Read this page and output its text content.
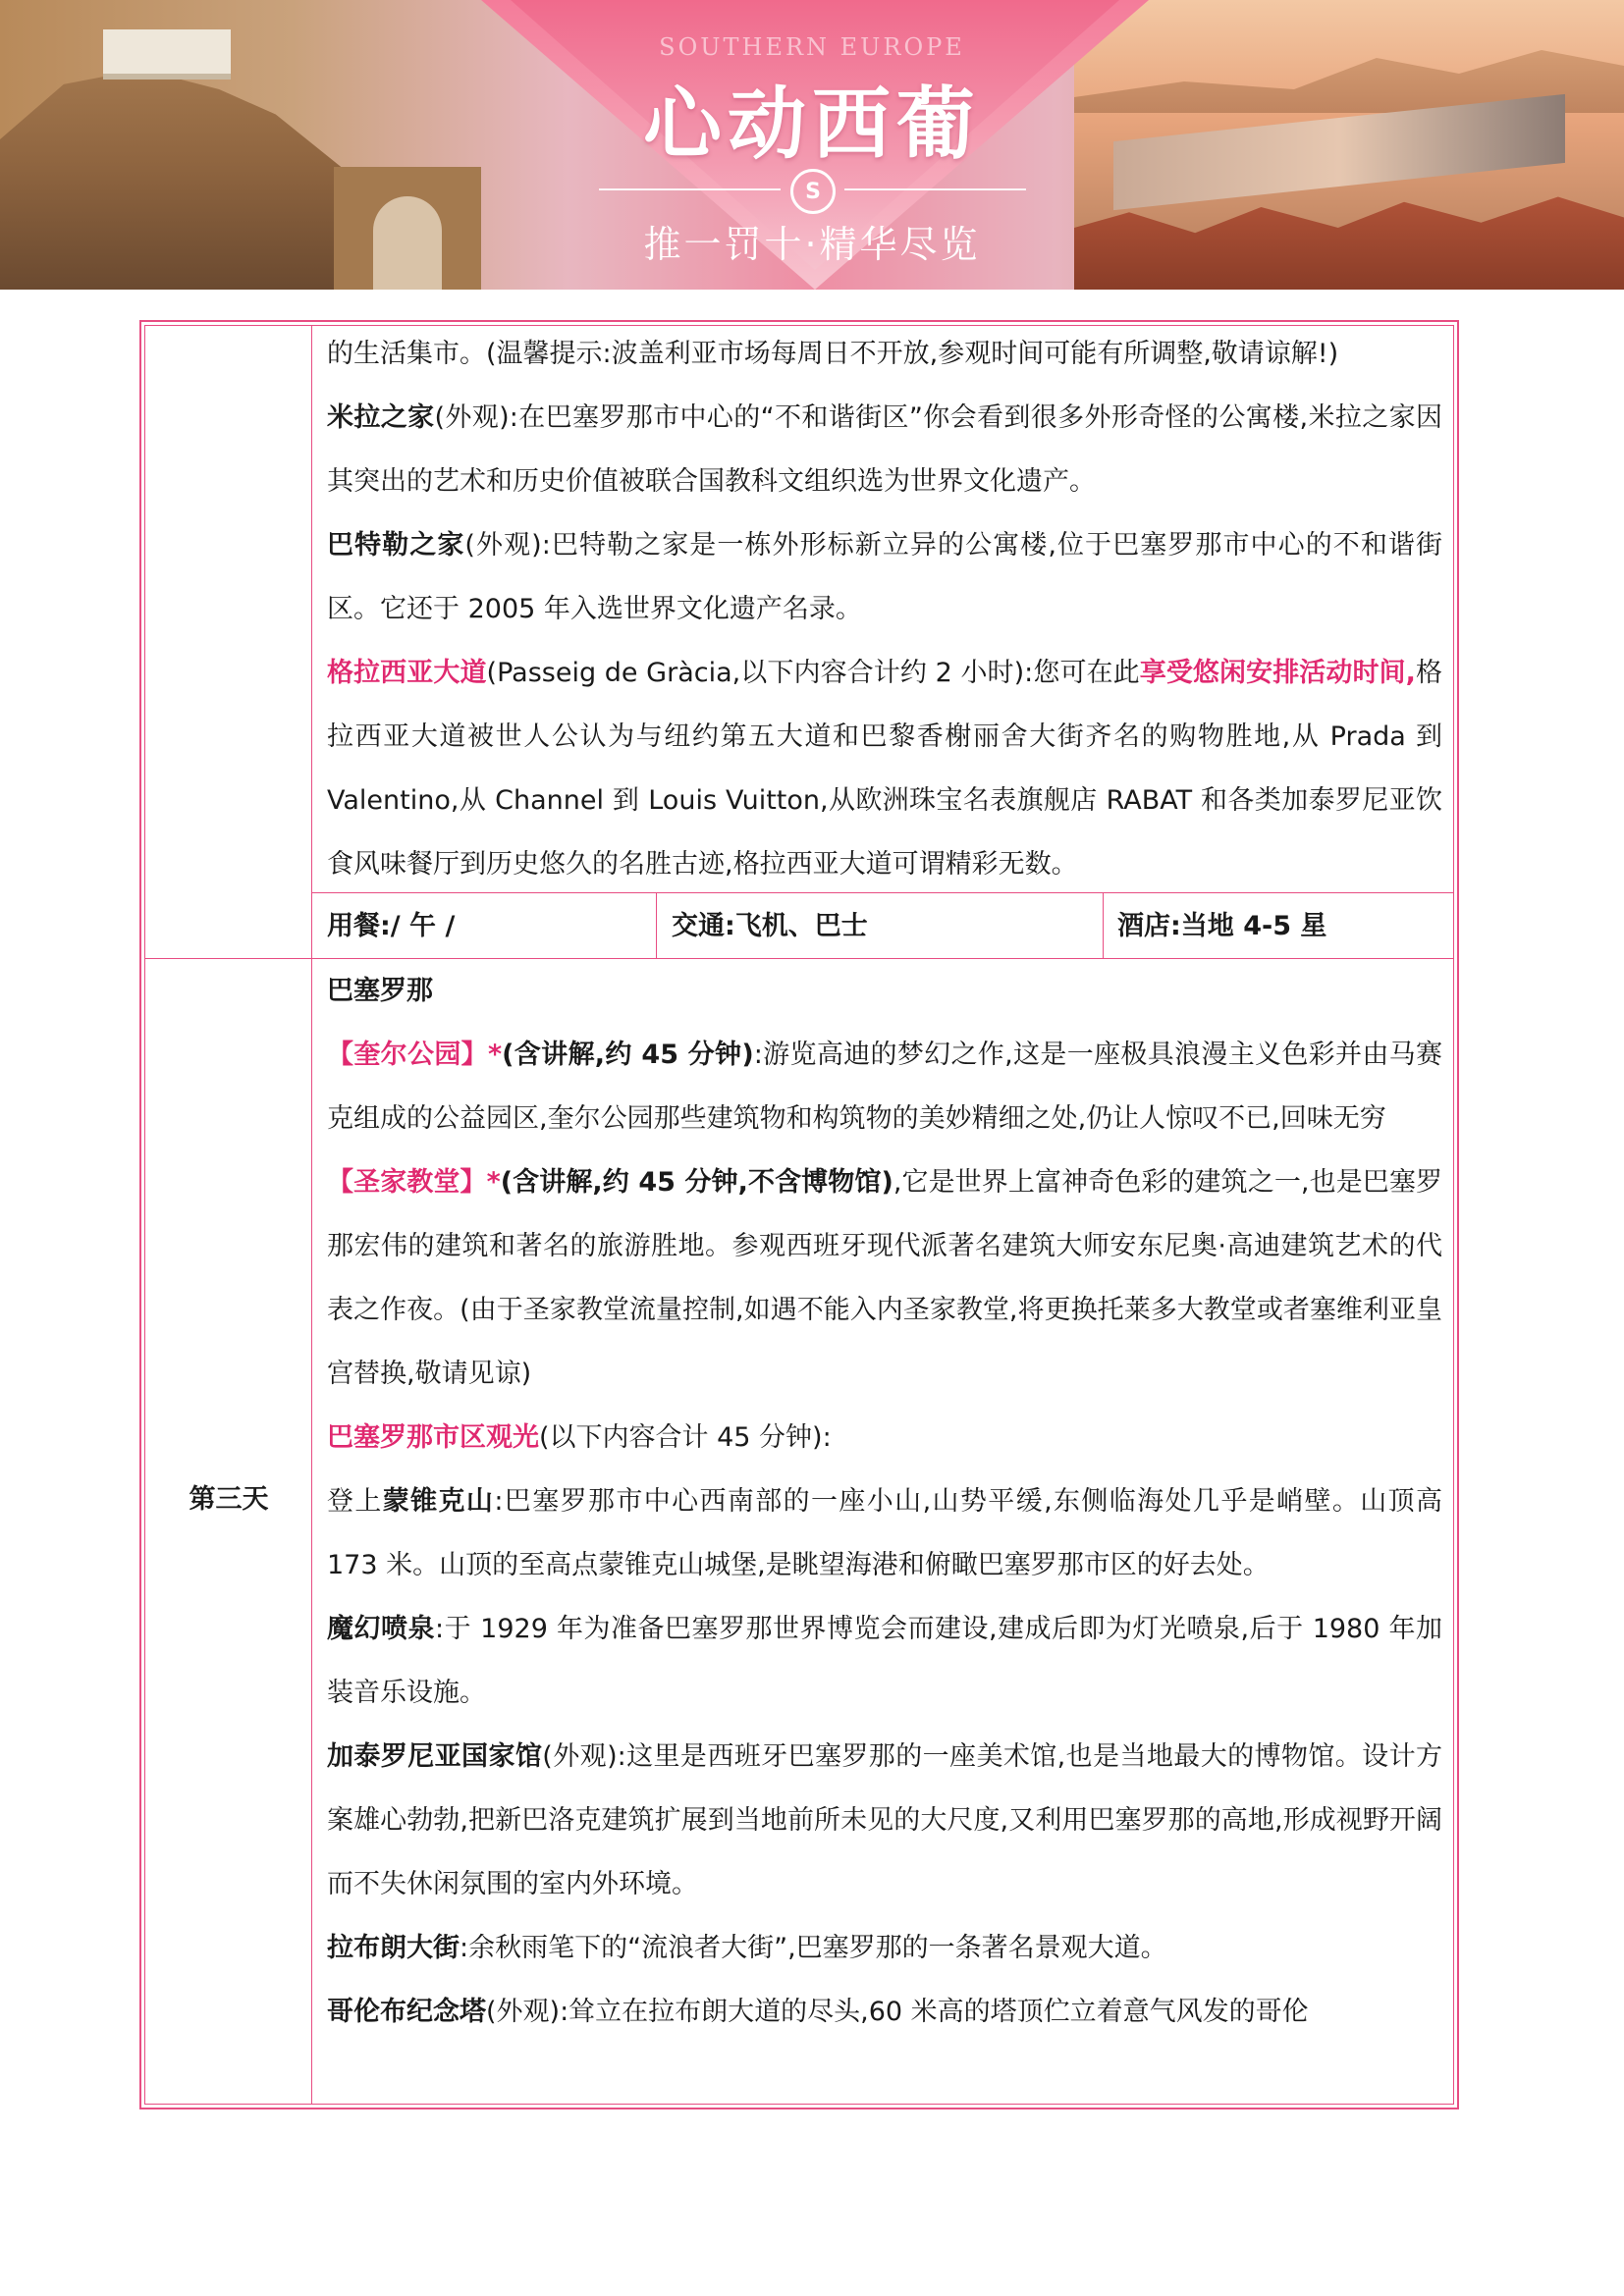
SOUTHERN EUROPE
心动西葡
S
推一罚十·精华尽览

的生活集市。(温馨提示:波盖利亚市场每周日不开放,参观时间可能有所调整,敬请谅解!)

米拉之家(外观):在巴塞罗那市中心的“不和谐街区”你会看到很多外形奇怪的公寓楼,米拉之家因其突出的艺术和历史价值被联合国教科文组织选为世界文化遗产。

巴特勒之家(外观):巴特勒之家是一栋外形标新立异的公寓楼,位于巴塞罗那市中心的不和谐街区。它还于 2005 年入选世界文化遗产名录。

格拉西亚大道(Passeig de Gràcia,以下内容合计约 2 小时):您可在此享受悠闲安排活动时间,格拉西亚大道被世人公认为与纽约第五大道和巴黎香榭丽舍大街齐名的购物胜地,从 Prada 到 Valentino,从 Channel 到 Louis Vuitton,从欧洲珠宝名表旗舰店 RABAT 和各类加泰罗尼亚饮食风味餐厅到历史悠久的名胜古迹,格拉西亚大道可谓精彩无数。

用餐:/ 午 /	交通:飞机、巴士	酒店:当地 4-5 星
第三天

巴塞罗那

【奎尔公园】*(含讲解,约 45 分钟):游览高迪的梦幻之作,这是一座极具浪漫主义色彩并由马赛克组成的公益园区,奎尔公园那些建筑物和构筑物的美妙精细之处,仍让人惊叹不已,回味无穷

【圣家教堂】*(含讲解,约 45 分钟,不含博物馆),它是世界上富神奇色彩的建筑之一,也是巴塞罗那宏伟的建筑和著名的旅游胜地。参观西班牙现代派著名建筑大师安东尼奥·高迪建筑艺术的代表之作夜。(由于圣家教堂流量控制,如遇不能入内圣家教堂,将更换托莱多大教堂或者塞维利亚皇宫替换,敬请见谅)

巴塞罗那市区观光(以下内容合计 45 分钟):

登上蒙锥克山:巴塞罗那市中心西南部的一座小山,山势平缓,东侧临海处几乎是峭壁。山顶高 173 米。山顶的至高点蒙锥克山城堡,是眺望海港和俯瞰巴塞罗那市区的好去处。

魔幻喷泉:于 1929 年为准备巴塞罗那世界博览会而建设,建成后即为灯光喷泉,后于 1980 年加装音乐设施。

加泰罗尼亚国家馆(外观):这里是西班牙巴塞罗那的一座美术馆,也是当地最大的博物馆。设计方案雄心勃勃,把新巴洛克建筑扩展到当地前所未见的大尺度,又利用巴塞罗那的高地,形成视野开阔而不失休闲氛围的室内外环境。

拉布朗大街:余秋雨笔下的“流浪者大街”,巴塞罗那的一条著名景观大道。

哥伦布纪念塔(外观):耸立在拉布朗大道的尽头,60 米高的塔顶伫立着意气风发的哥伦
